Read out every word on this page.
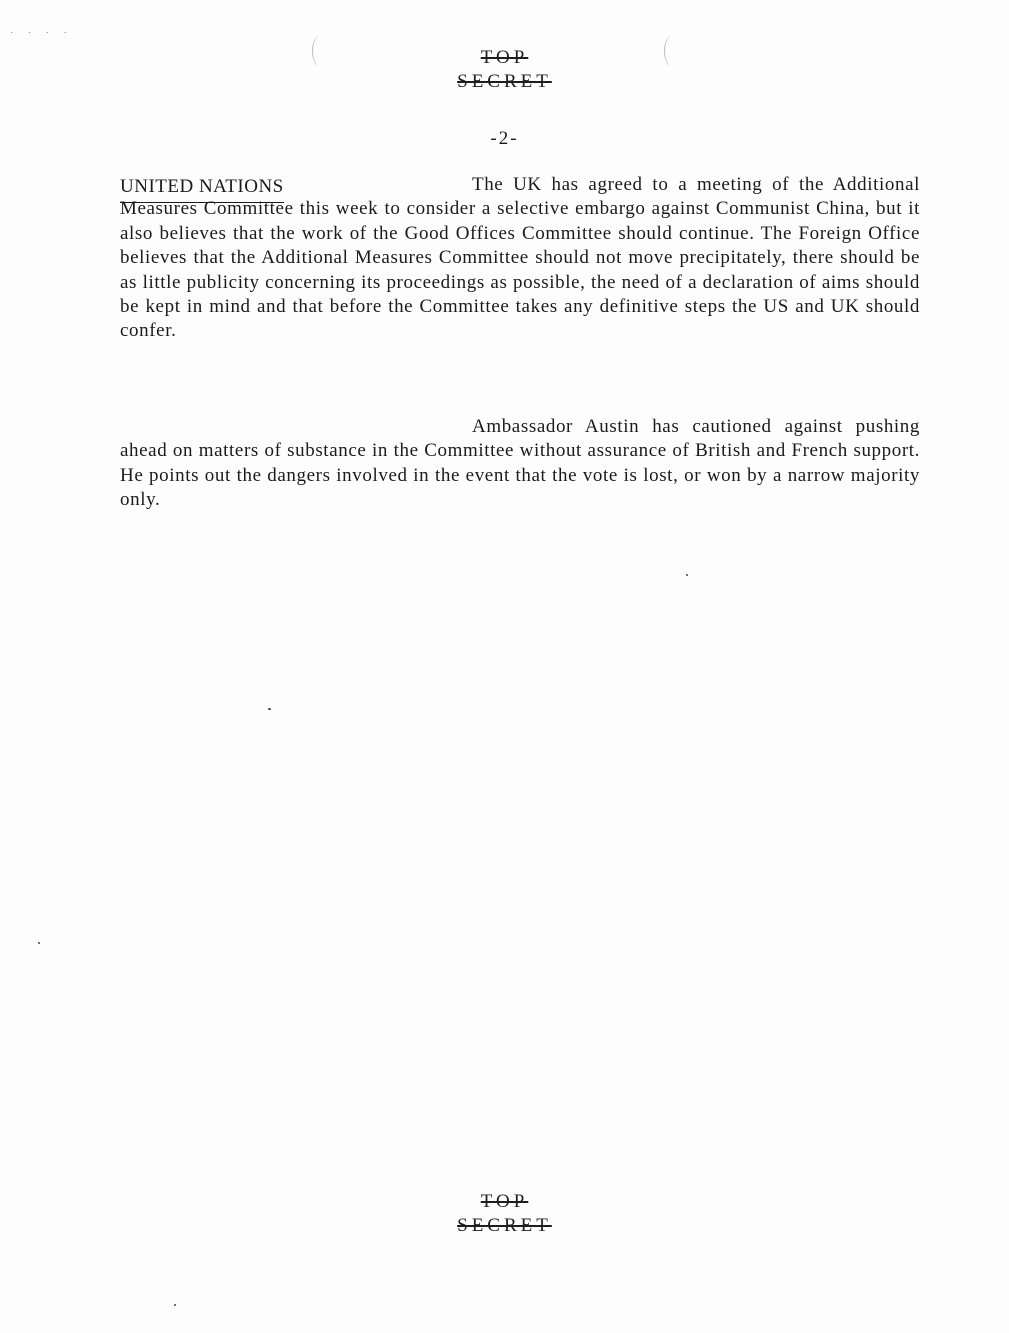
· · · ·
TOP
SECRET
-2-
UNITED NATIONS	The UK has agreed to a meeting of the Additional Measures Committee this week to consider a selective embargo against Communist China, but it also believes that the work of the Good Offices Committee should continue. The Foreign Office believes that the Additional Measures Committee should not move precipitately, there should be as little publicity concerning its proceedings as possible, the need of a declaration of aims should be kept in mind and that before the Committee takes any definitive steps the US and UK should confer.

Ambassador Austin has cautioned against pushing ahead on matters of substance in the Committee without assurance of British and French support. He points out the dangers involved in the event that the vote is lost, or won by a narrow majority only.

TOP
SECRET
